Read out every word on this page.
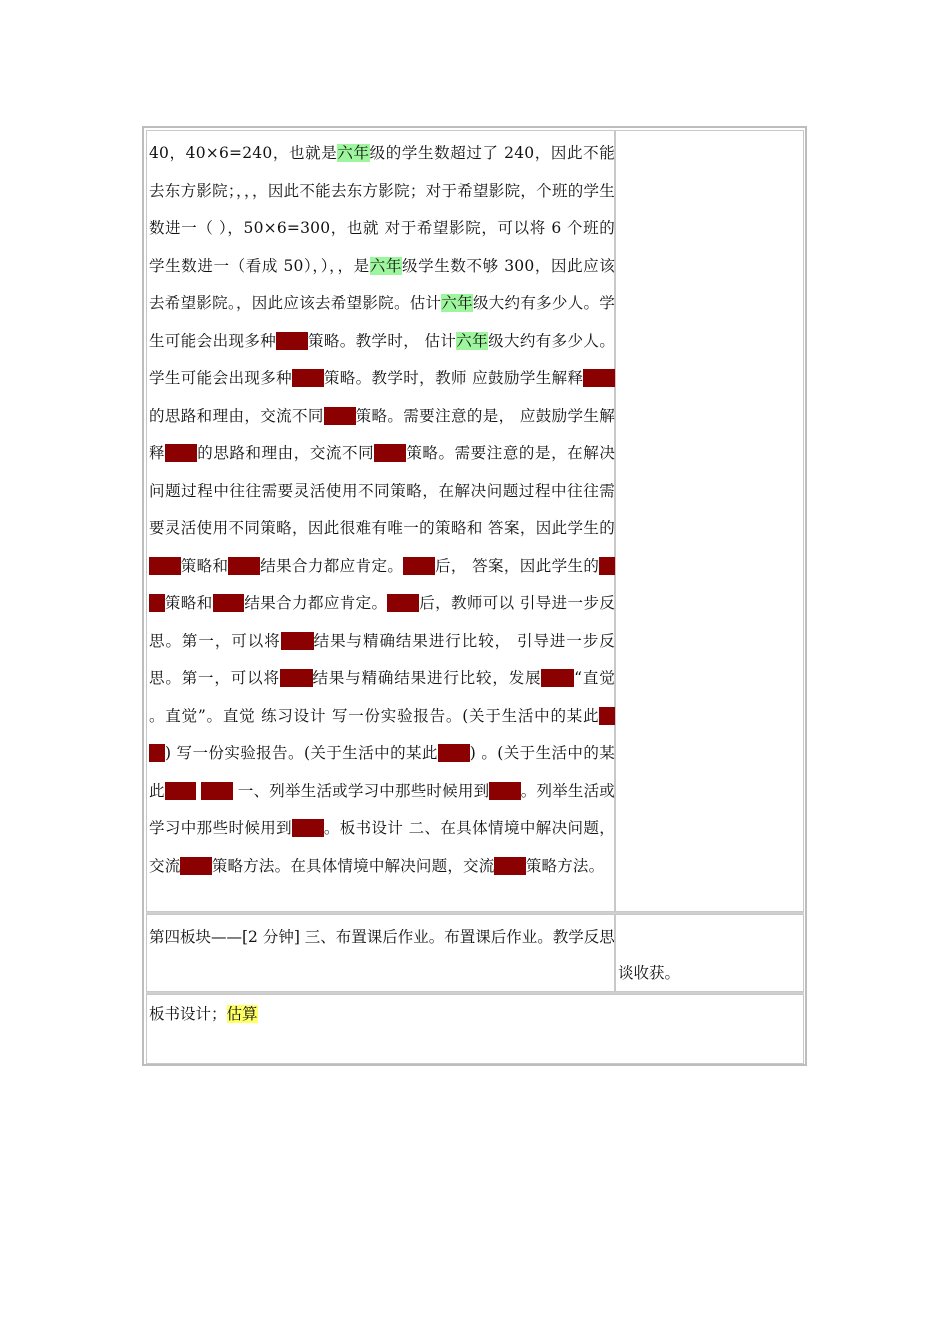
40，40×6=240，也就是六年级的学生数超过了 240，因此不能去东方影院；，，，因此不能去东方影院；对于希望影院，个班的学生数进一（ ），50×6=300，也就 对于希望影院，可以将 6 个班的学生数进一（看成 50），），，是六年级学生数不够 300，因此应该去希望影院。，因此应该去希望影院。估计六年级大约有多少人。学生可能会出现多种估算策略。教学时， 估计六年级大约有多少人。学生可能会出现多种估算策略。教学时，教师 应鼓励学生解释估算的思路和理由，交流不同估算策略。需要注意的是， 应鼓励学生解释估算的思路和理由，交流不同估算策略。需要注意的是，在解决问题过程中往往需要灵活使用不同策略，在解决问题过程中往往需要灵活使用不同策略，因此很难有唯一的策略和 答案，因此学生的估算策略和估算结果合力都应肯定。估算后， 答案，因此学生的估算策略和估算结果合力都应肯定。估算后，教师可以 引导进一步反思。第一，可以将估算结果与精确结果进行比较， 引导进一步反思。第一，可以将估算结果与精确结果进行比较，发展估算“直觉 。直觉”。直觉 练习设计 写一份实验报告。(关于生活中的某此估算) 写一份实验报告。(关于生活中的某此估算) 。(关于生活中的某此估算 估算 一、列举生活或学习中那些时候用到估算。列举生活或学习中那些时候用到估算。板书设计 二、在具体情境中解决问题，交流估算策略方法。在具体情境中解决问题，交流估算策略方法。

第四板块——[2 分钟] 三、布置课后作业。布置课后作业。教学反思

谈收获。

板书设计；估算
